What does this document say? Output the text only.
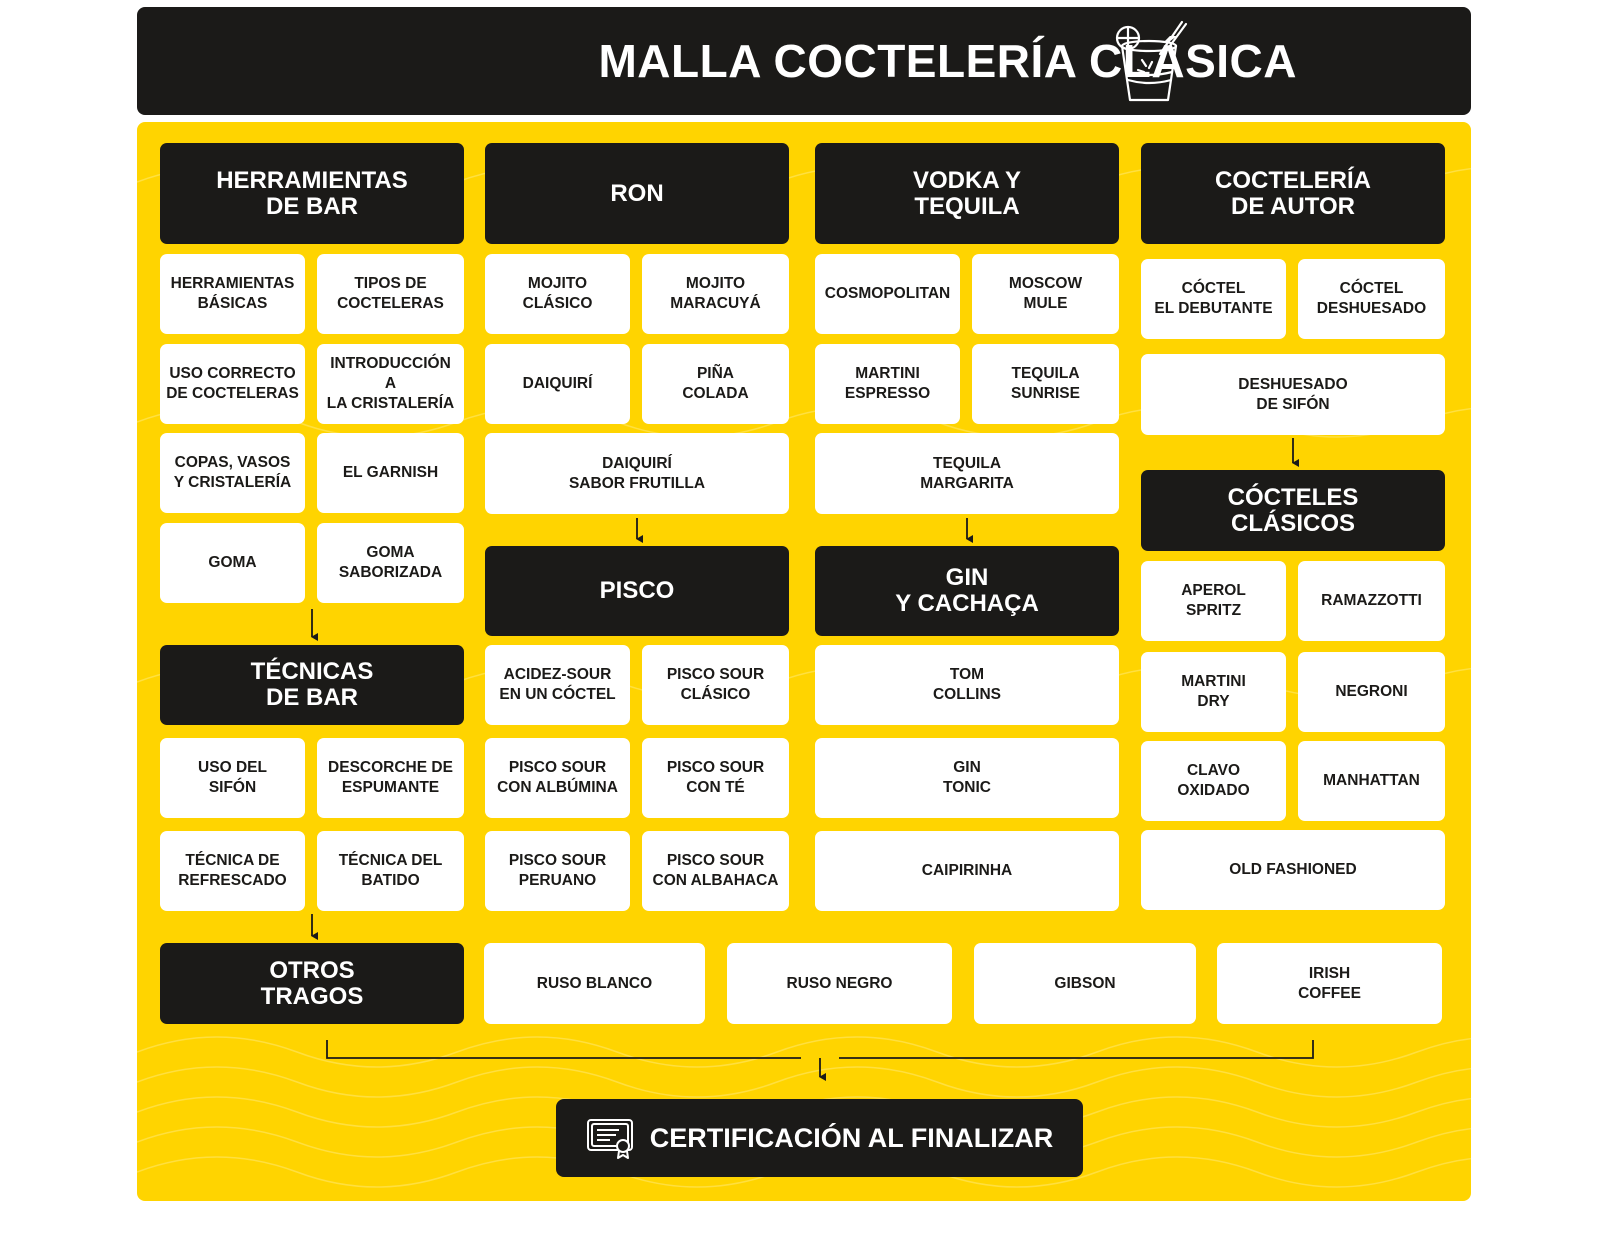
MALLA COCTELERÍA CLÁSICA
HERRAMIENTAS
DE BAR
HERRAMIENTAS
BÁSICAS
TIPOS DE
COCTELERAS
USO CORRECTO
DE COCTELERAS
INTRODUCCIÓN A
LA CRISTALERÍA
COPAS, VASOS
Y CRISTALERÍA
EL GARNISH
GOMA
GOMA
SABORIZADA
TÉCNICAS
DE BAR
USO DEL
SIFÓN
DESCORCHE DE
ESPUMANTE
TÉCNICA DE
REFRESCADO
TÉCNICA DEL
BATIDO
OTROS
TRAGOS	RUSO BLANCO	RUSO NEGRO	GIBSON
IRISH
COFFEE
RON
MOJITO
CLÁSICO
MOJITO
MARACUYÁ
DAIQUIRÍ
PIÑA
COLADA
DAIQUIRÍ
SABOR FRUTILLA
PISCO
ACIDEZ-SOUR
EN UN CÓCTEL
PISCO SOUR
CLÁSICO
PISCO SOUR
CON ALBÚMINA
PISCO SOUR
CON TÉ
PISCO SOUR
PERUANO
PISCO SOUR
CON ALBAHACA
VODKA Y
TEQUILA
COSMOPOLITAN
MOSCOW
MULE
MARTINI
ESPRESSO
TEQUILA
SUNRISE
TEQUILA
MARGARITA
GIN
Y CACHAÇA
TOM
COLLINS
GIN
TONIC
CAIPIRINHA
COCTELERÍA
DE AUTOR
CÓCTEL
EL DEBUTANTE
CÓCTEL
DESHUESADO
DESHUESADO
DE SIFÓN
CÓCTELES
CLÁSICOS
APEROL
SPRITZ
RAMAZZOTTI
MARTINI
DRY
NEGRONI
CLAVO
OXIDADO
MANHATTAN
OLD FASHIONED
CERTIFICACIÓN AL FINALIZAR
